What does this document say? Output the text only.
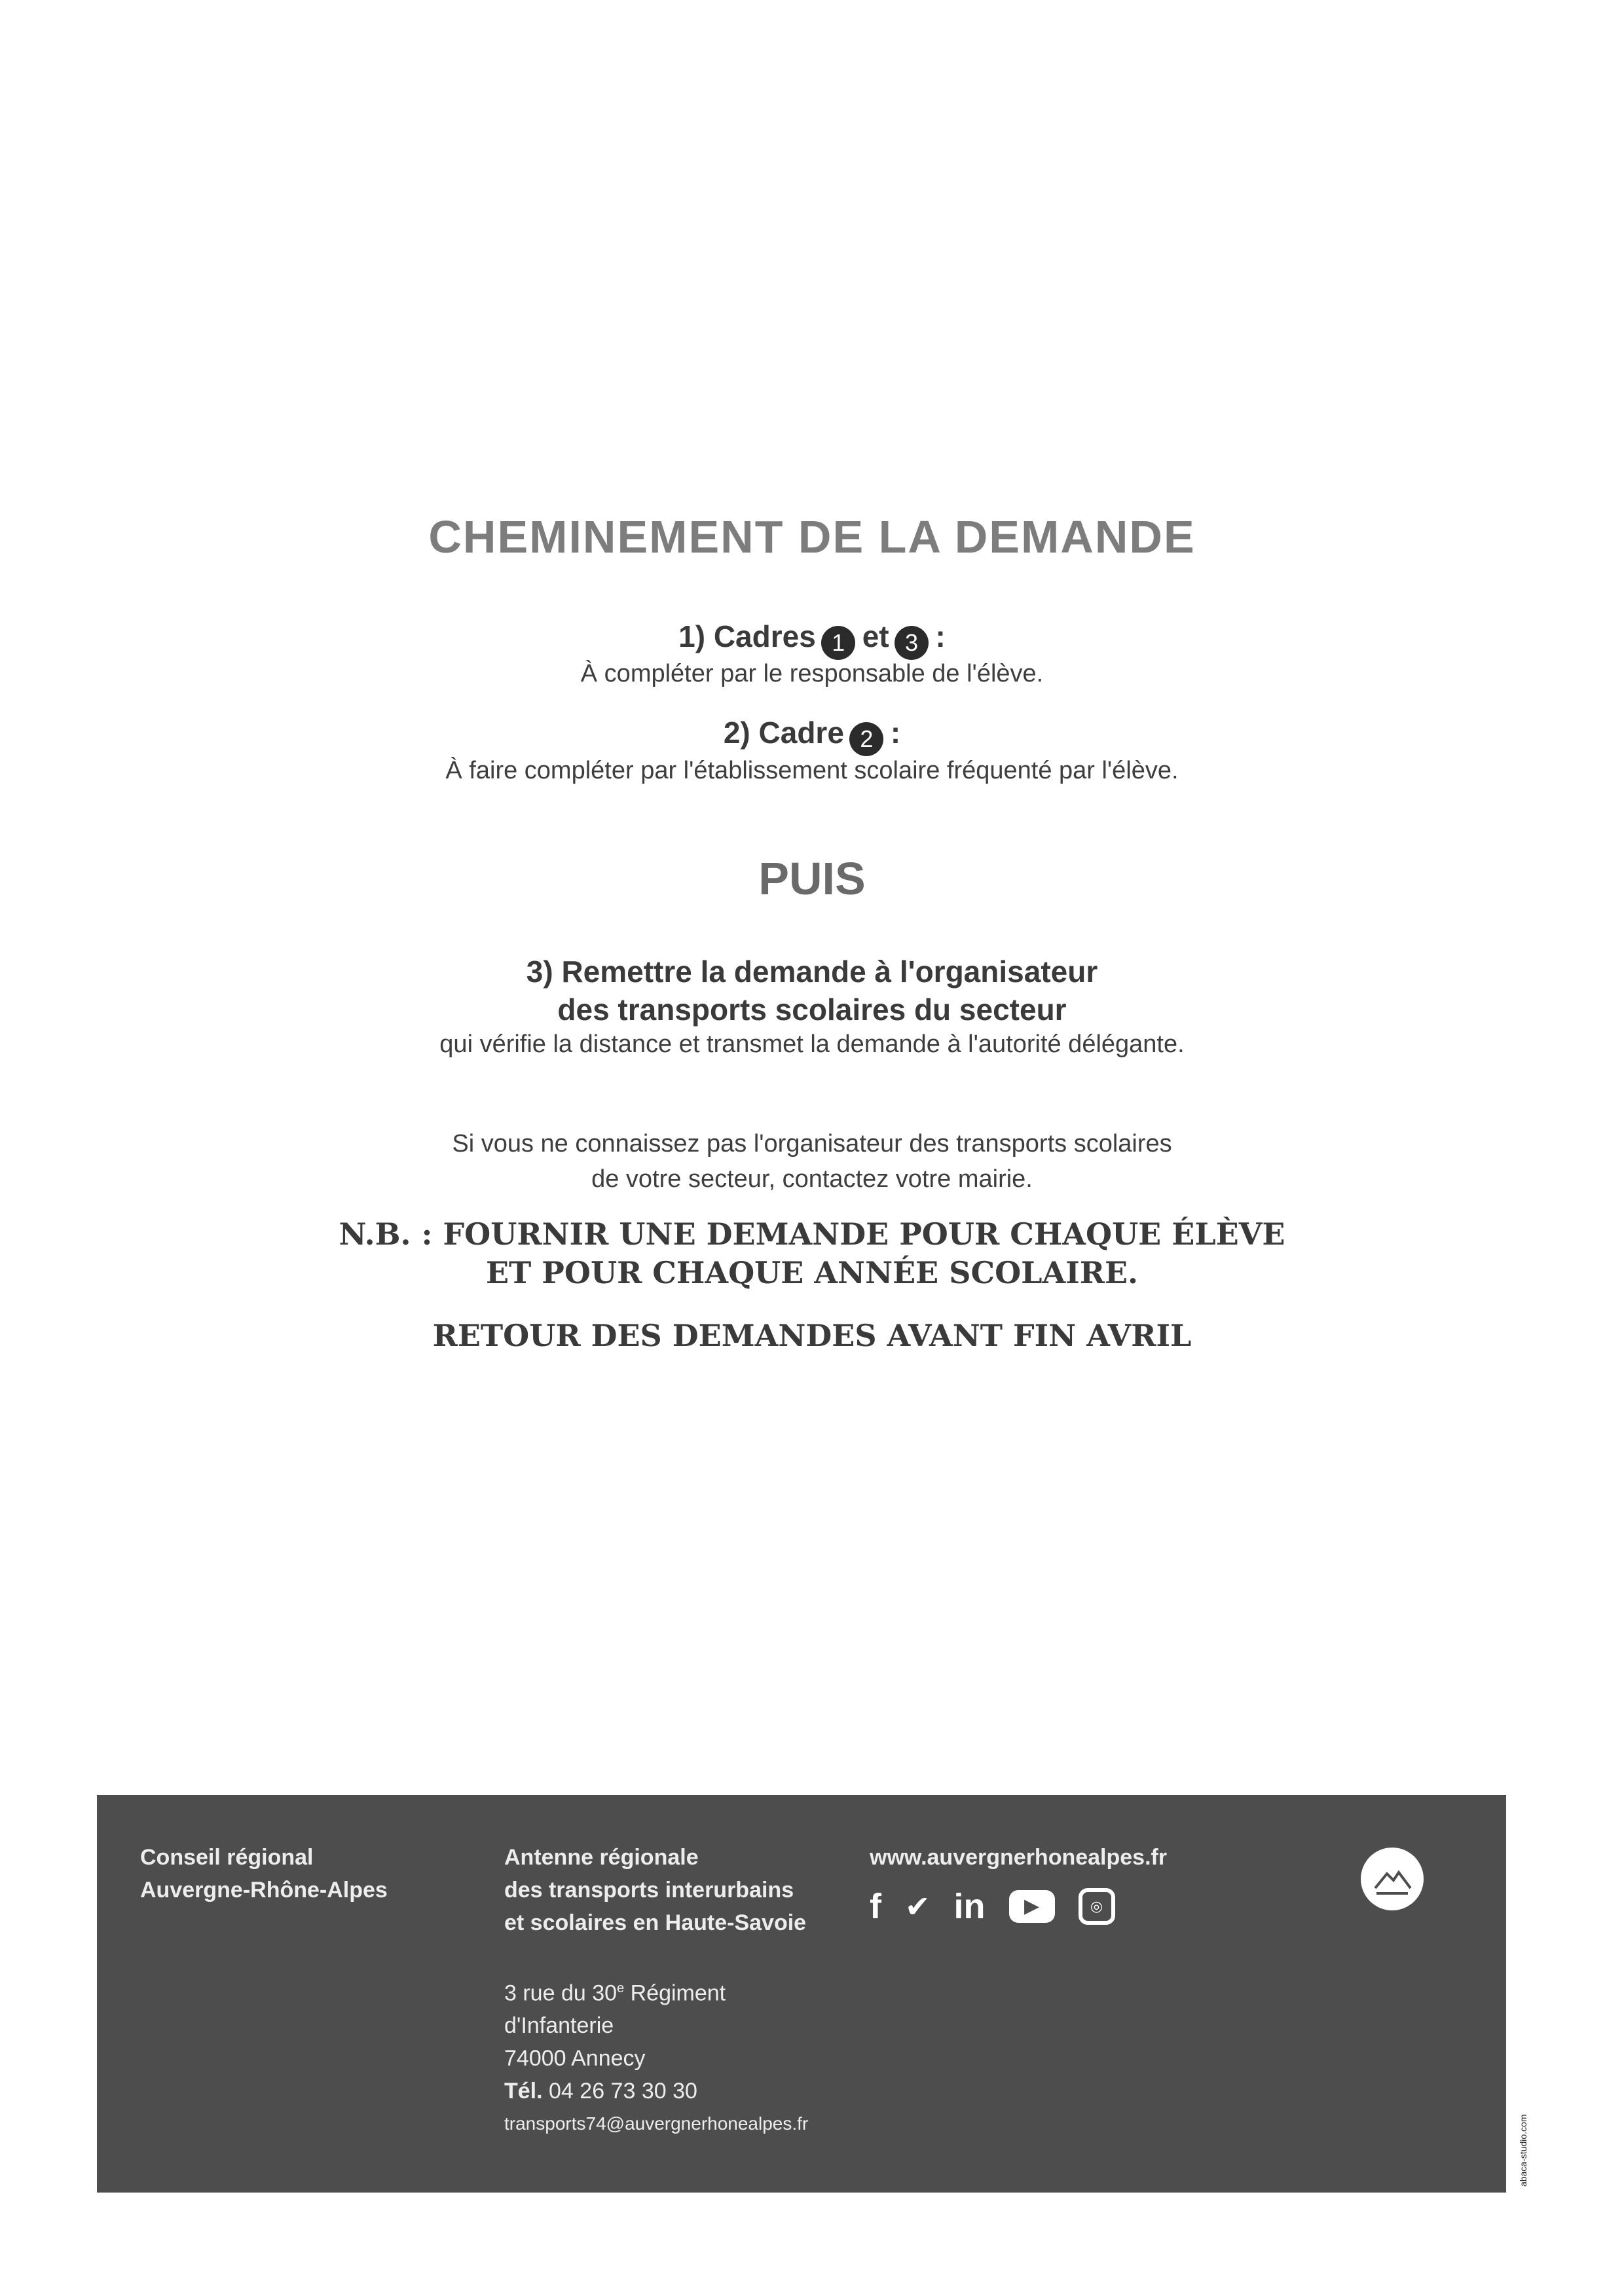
CHEMINEMENT DE LA DEMANDE
1) Cadres 1 et 3 :
À compléter par le responsable de l'élève.
2) Cadre 2 :
À faire compléter par l'établissement scolaire fréquenté par l'élève.
PUIS
3) Remettre la demande à l'organisateur
des transports scolaires du secteur
qui vérifie la distance et transmet la demande à l'autorité délégante.
Si vous ne connaissez pas l'organisateur des transports scolaires
de votre secteur, contactez votre mairie.
N.B. : FOURNIR UNE DEMANDE POUR CHAQUE ÉLÈVE
ET POUR CHAQUE ANNÉE SCOLAIRE.
RETOUR DES DEMANDES AVANT FIN AVRIL
Conseil régional
Auvergne-Rhône-Alpes
Antenne régionale
des transports interurbains
et scolaires en Haute-Savoie
3 rue du 30e Régiment
d'Infanterie
74000 Annecy
Tél. 04 26 73 30 30
transports74@auvergnerhonealpes.fr
www.auvergnerhonealpes.fr
f ✔ in	▶	◎
abaca-studio.com
